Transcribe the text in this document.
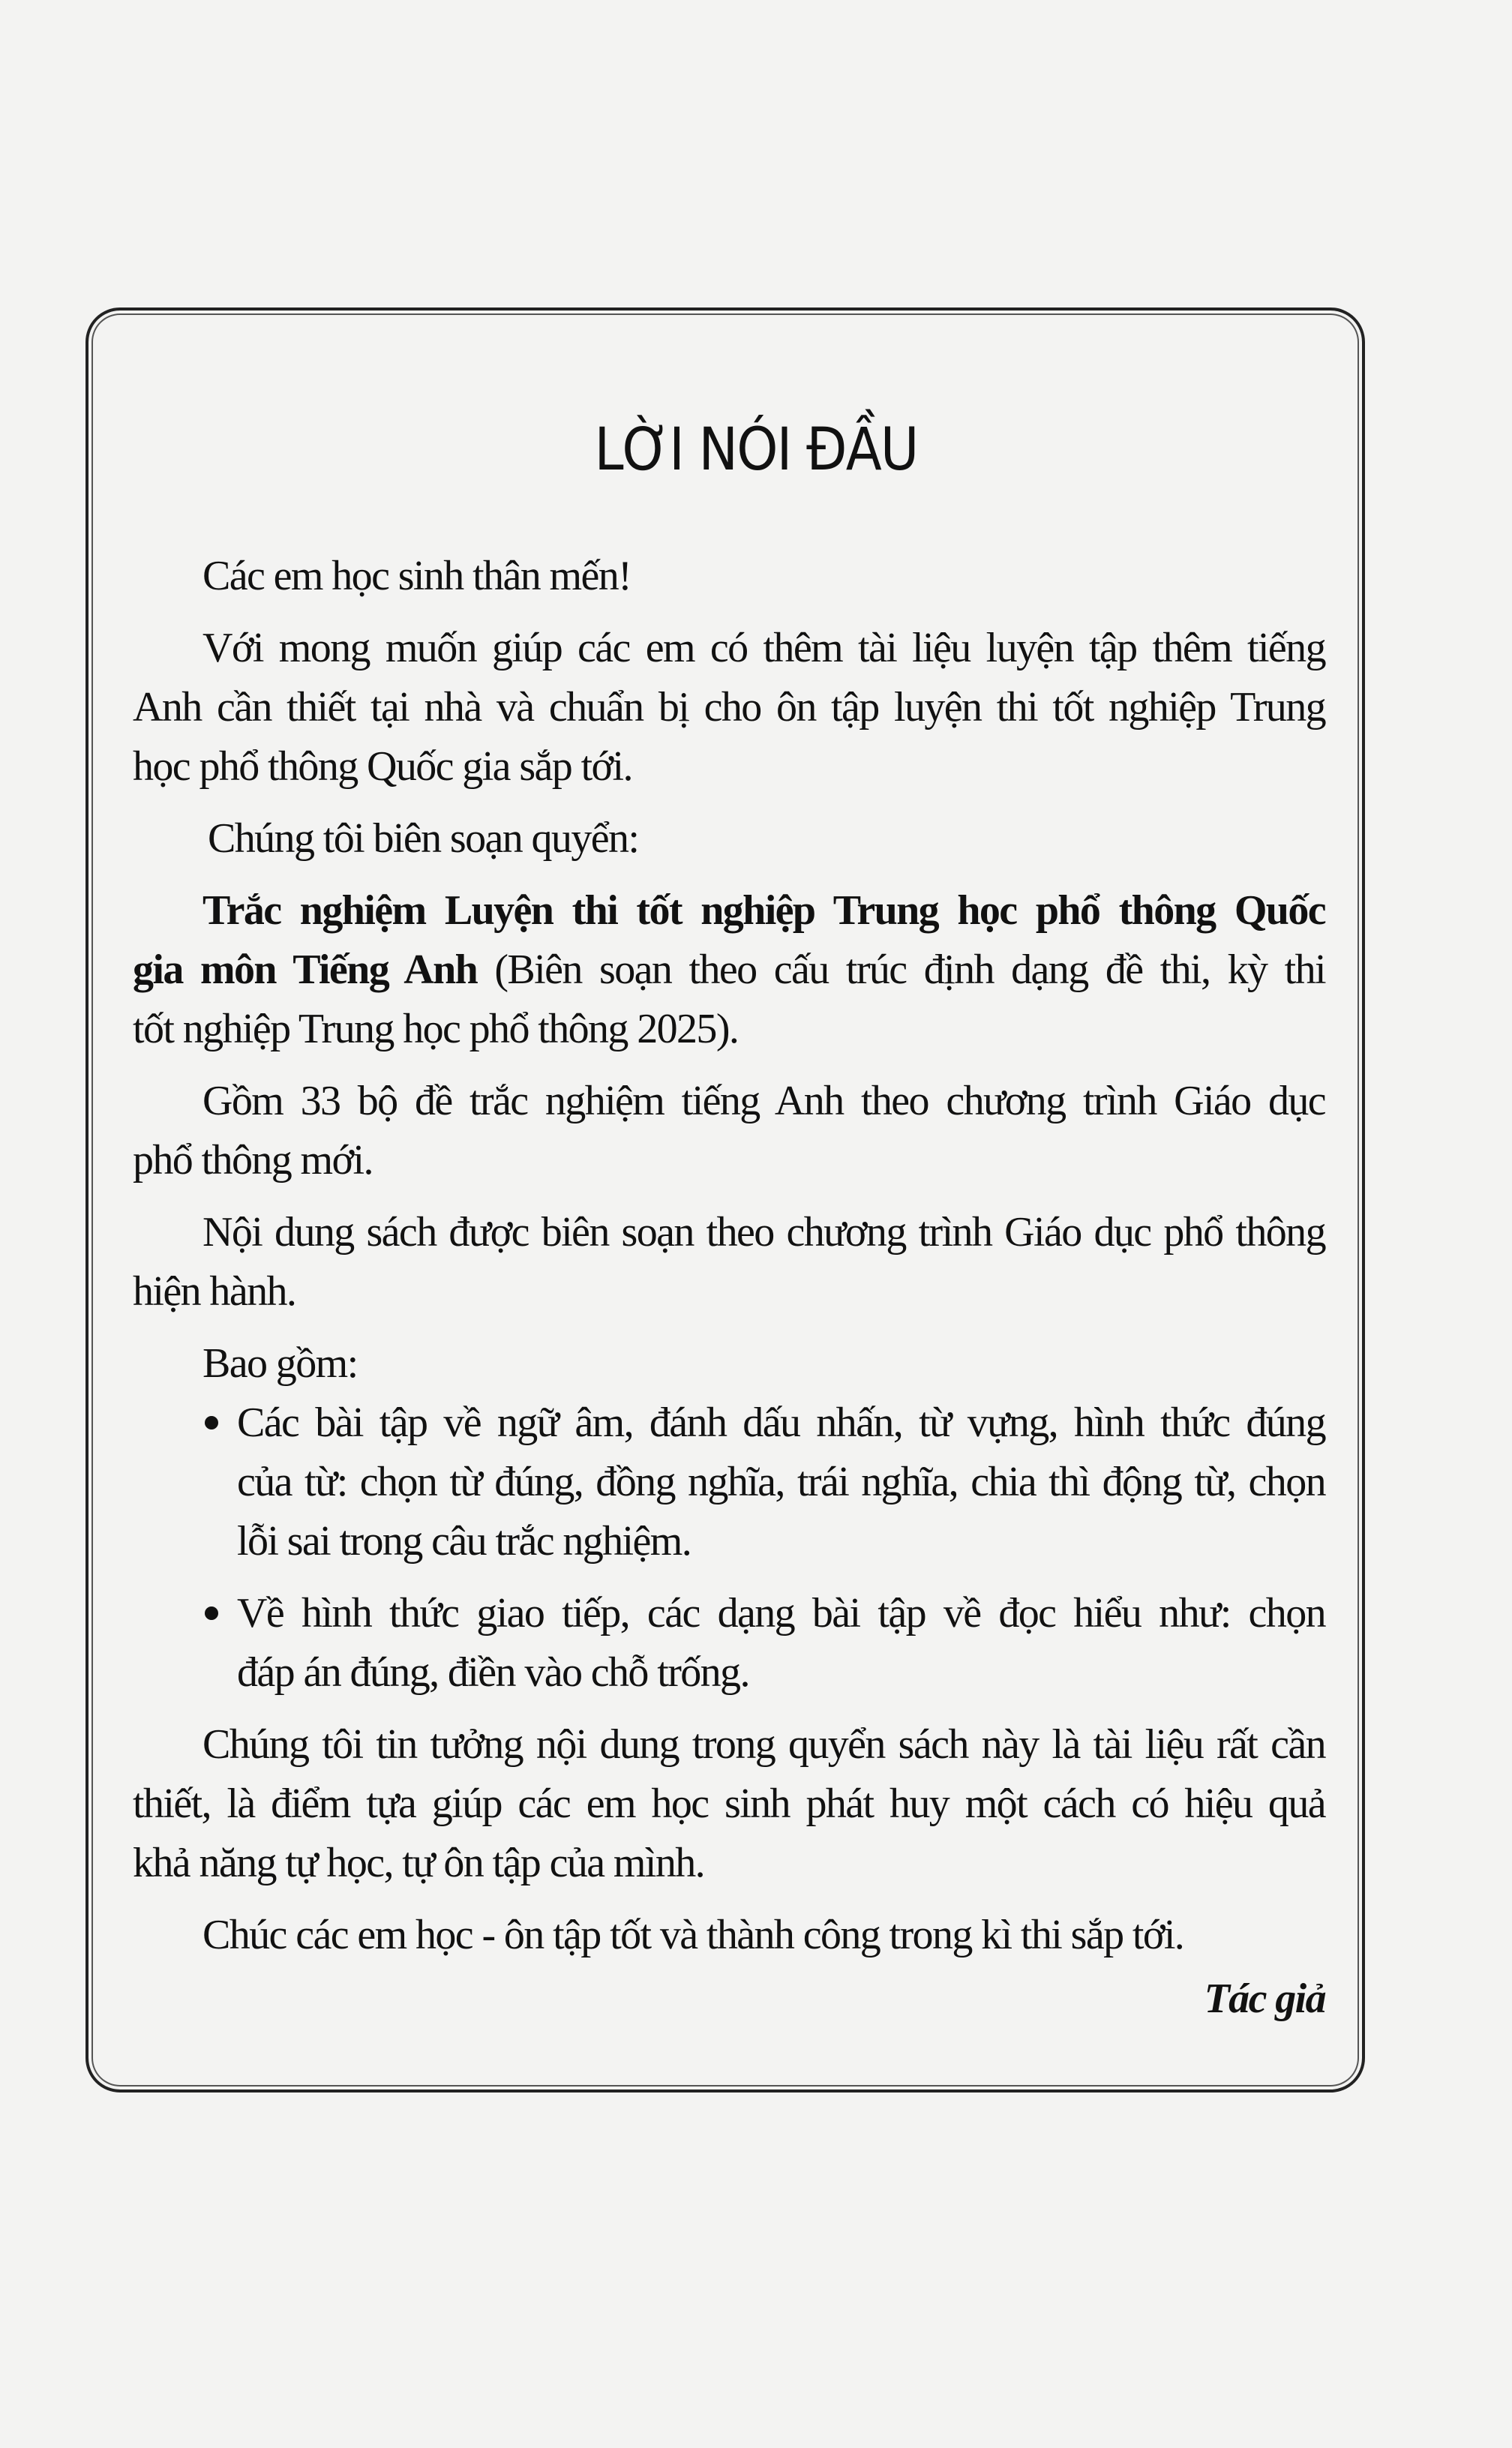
LỜI NÓI ĐẦU
Các em học sinh thân mến!
Với mong muốn giúp các em có thêm tài liệu luyện tập thêm tiếng
Anh cần thiết tại nhà và chuẩn bị cho ôn tập luyện thi tốt nghiệp Trung
học phổ thông Quốc gia sắp tới.
Chúng tôi biên soạn quyển:
Trắc nghiệm Luyện thi tốt nghiệp Trung học phổ thông Quốc
gia môn Tiếng Anh (Biên soạn theo cấu trúc định dạng đề thi, kỳ thi
tốt nghiệp Trung học phổ thông 2025).
Gồm 33 bộ đề trắc nghiệm tiếng Anh theo chương trình Giáo dục
phổ thông mới.
Nội dung sách được biên soạn theo chương trình Giáo dục phổ thông
hiện hành.
Bao gồm:
Các bài tập về ngữ âm, đánh dấu nhấn, từ vựng, hình thức đúng
của từ: chọn từ đúng, đồng nghĩa, trái nghĩa, chia thì động từ, chọn
lỗi sai trong câu trắc nghiệm.
Về hình thức giao tiếp, các dạng bài tập về đọc hiểu như: chọn
đáp án đúng, điền vào chỗ trống.
Chúng tôi tin tưởng nội dung trong quyển sách này là tài liệu rất cần
thiết, là điểm tựa giúp các em học sinh phát huy một cách có hiệu quả
khả năng tự học, tự ôn tập của mình.
Chúc các em học - ôn tập tốt và thành công trong kì thi sắp tới.
Tác giả
